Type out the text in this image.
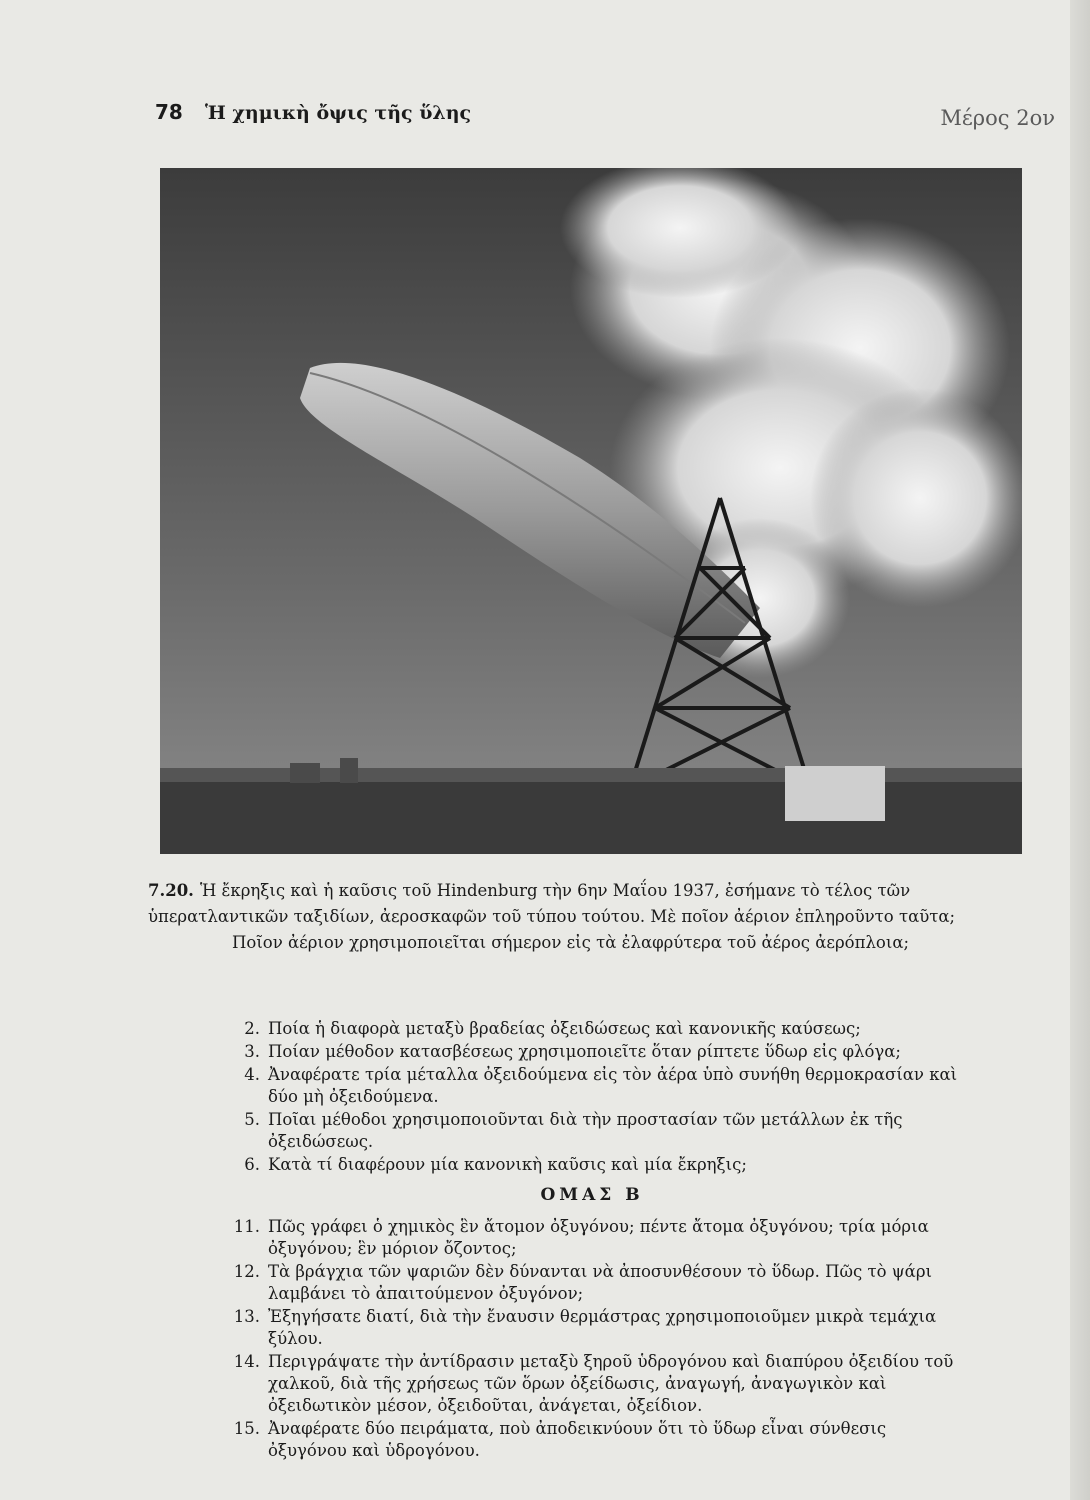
78 Ἡ χημικὴ ὄψις τῆς ὕλης	Μέρος 2ον
7.20. Ἡ ἔκρηξις καὶ ἡ καῦσις τοῦ Hindenburg τὴν 6ην Μαΐου 1937, ἐσήμανε τὸ τέλος τῶν
ὑπερατλαντικῶν ταξιδίων, ἀεροσκαφῶν τοῦ τύπου τούτου. Μὲ ποῖον ἀέριον ἐπληροῦντο ταῦτα;
Ποῖον ἀέριον χρησιμοποιεῖται σήμερον εἰς τὰ ἐλαφρύτερα τοῦ ἀέρος ἀερόπλοια;
2. Ποία ἡ διαφορὰ μεταξὺ βραδείας ὀξειδώσεως καὶ κανονικῆς καύσεως;
3. Ποίαν μέθοδον κατασβέσεως χρησιμοποιεῖτε ὅταν ρίπτετε ὕδωρ εἰς φλόγα;
4. Ἀναφέρατε τρία μέταλλα ὀξειδούμενα εἰς τὸν ἀέρα ὑπὸ συνήθη θερμοκρασίαν καὶ δύο μὴ ὀξειδούμενα.
5. Ποῖαι μέθοδοι χρησιμοποιοῦνται διὰ τὴν προστασίαν τῶν μετάλλων ἐκ τῆς ὀξειδώσεως.
6. Κατὰ τί διαφέρουν μία κανονικὴ καῦσις καὶ μία ἔκρηξις;
ΟΜΑΣ Β
11. Πῶς γράφει ὁ χημικὸς ἓν ἄτομον ὀξυγόνου; πέντε ἄτομα ὀξυγόνου; τρία μόρια ὀξυγόνου; ἓν μόριον ὄζοντος;
12. Τὰ βράγχια τῶν ψαριῶν δὲν δύνανται νὰ ἀποσυνθέσουν τὸ ὕδωρ. Πῶς τὸ ψάρι λαμβάνει τὸ ἀπαιτούμενον ὀξυγόνον;
13. Ἐξηγήσατε διατί, διὰ τὴν ἔναυσιν θερμάστρας χρησιμοποιοῦμεν μικρὰ τεμάχια ξύλου.
14. Περιγράψατε τὴν ἀντίδρασιν μεταξὺ ξηροῦ ὑδρογόνου καὶ διαπύρου ὀξειδίου τοῦ χαλκοῦ, διὰ τῆς χρήσεως τῶν ὅρων ὀξείδωσις, ἀναγωγή, ἀναγωγικὸν καὶ ὀξειδωτικὸν μέσον, ὀξειδοῦται, ἀνάγεται, ὀξείδιον.
15. Ἀναφέρατε δύο πειράματα, ποὺ ἀποδεικνύουν ὅτι τὸ ὕδωρ εἶναι σύνθεσις ὀξυγόνου καὶ ὑδρογόνου.
